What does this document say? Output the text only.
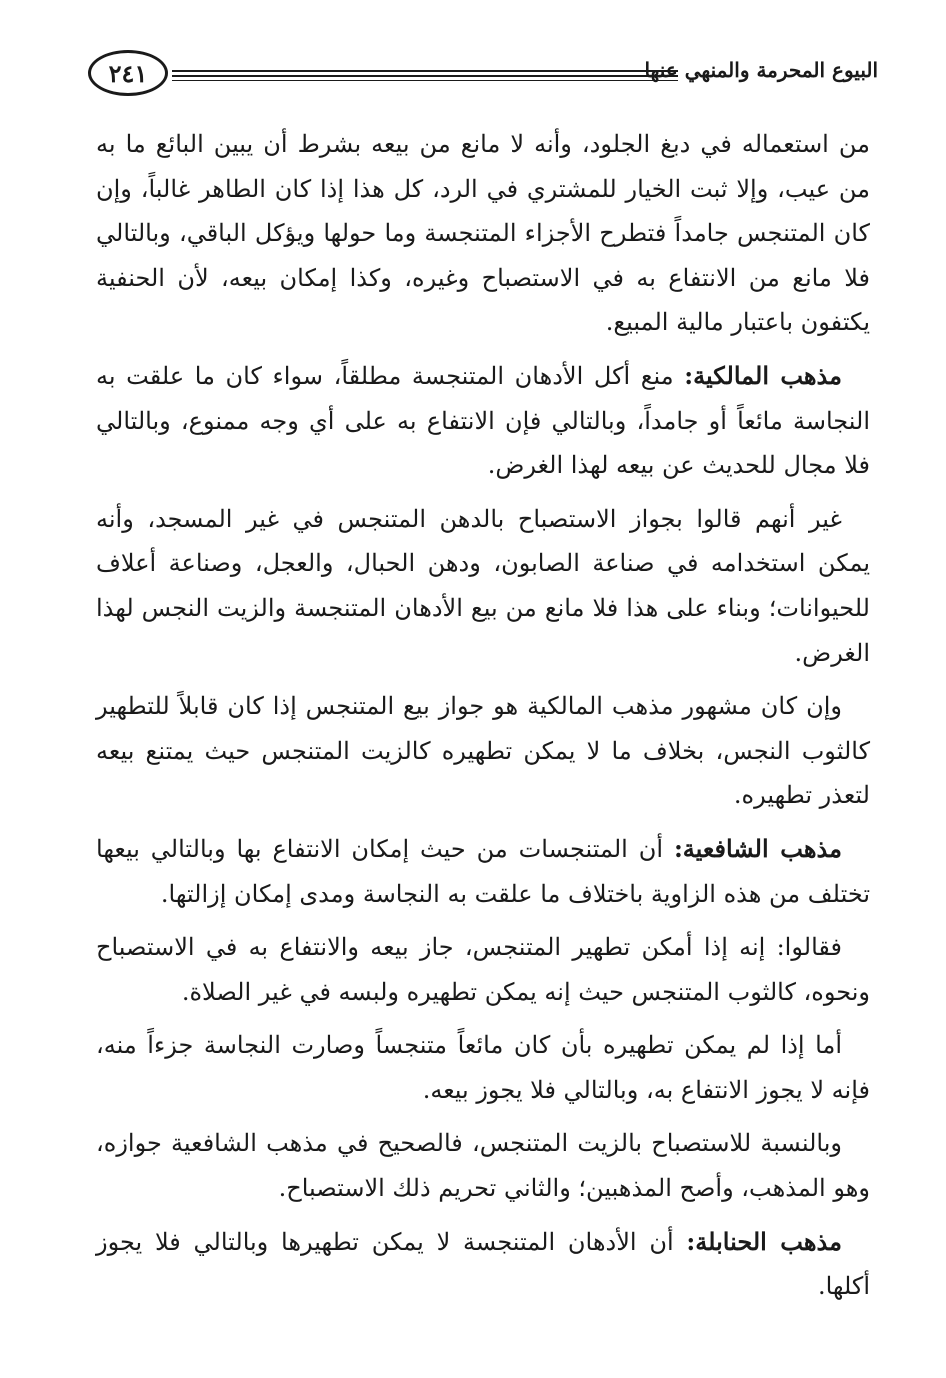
٢٤١	البيوع المحرمة والمنهي عنها

من استعماله في دبغ الجلود، وأنه لا مانع من بيعه بشرط أن يبين البائع ما به من عيب، وإلا ثبت الخيار للمشتري في الرد، كل هذا إذا كان الطاهر غالباً، وإن كان المتنجس جامداً فتطرح الأجزاء المتنجسة وما حولها ويؤكل الباقي، وبالتالي فلا مانع من الانتفاع به في الاستصباح وغيره، وكذا إمكان بيعه، لأن الحنفية يكتفون باعتبار مالية المبيع.

مذهب المالكية: منع أكل الأدهان المتنجسة مطلقاً، سواء كان ما علقت به النجاسة مائعاً أو جامداً، وبالتالي فإن الانتفاع به على أي وجه ممنوع، وبالتالي فلا مجال للحديث عن بيعه لهذا الغرض.

غير أنهم قالوا بجواز الاستصباح بالدهن المتنجس في غير المسجد، وأنه يمكن استخدامه في صناعة الصابون، ودهن الحبال، والعجل، وصناعة أعلاف للحيوانات؛ وبناء على هذا فلا مانع من بيع الأدهان المتنجسة والزيت النجس لهذا الغرض.

وإن كان مشهور مذهب المالكية هو جواز بيع المتنجس إذا كان قابلاً للتطهير كالثوب النجس، بخلاف ما لا يمكن تطهيره كالزيت المتنجس حيث يمتنع بيعه لتعذر تطهيره.

مذهب الشافعية: أن المتنجسات من حيث إمكان الانتفاع بها وبالتالي بيعها تختلف من هذه الزاوية باختلاف ما علقت به النجاسة ومدى إمكان إزالتها.

فقالوا: إنه إذا أمكن تطهير المتنجس، جاز بيعه والانتفاع به في الاستصباح ونحوه، كالثوب المتنجس حيث إنه يمكن تطهيره ولبسه في غير الصلاة.

أما إذا لم يمكن تطهيره بأن كان مائعاً متنجساً وصارت النجاسة جزءاً منه، فإنه لا يجوز الانتفاع به، وبالتالي فلا يجوز بيعه.

وبالنسبة للاستصباح بالزيت المتنجس، فالصحيح في مذهب الشافعية جوازه، وهو المذهب، وأصح المذهبين؛ والثاني تحريم ذلك الاستصباح.

مذهب الحنابلة: أن الأدهان المتنجسة لا يمكن تطهيرها وبالتالي فلا يجوز أكلها.
